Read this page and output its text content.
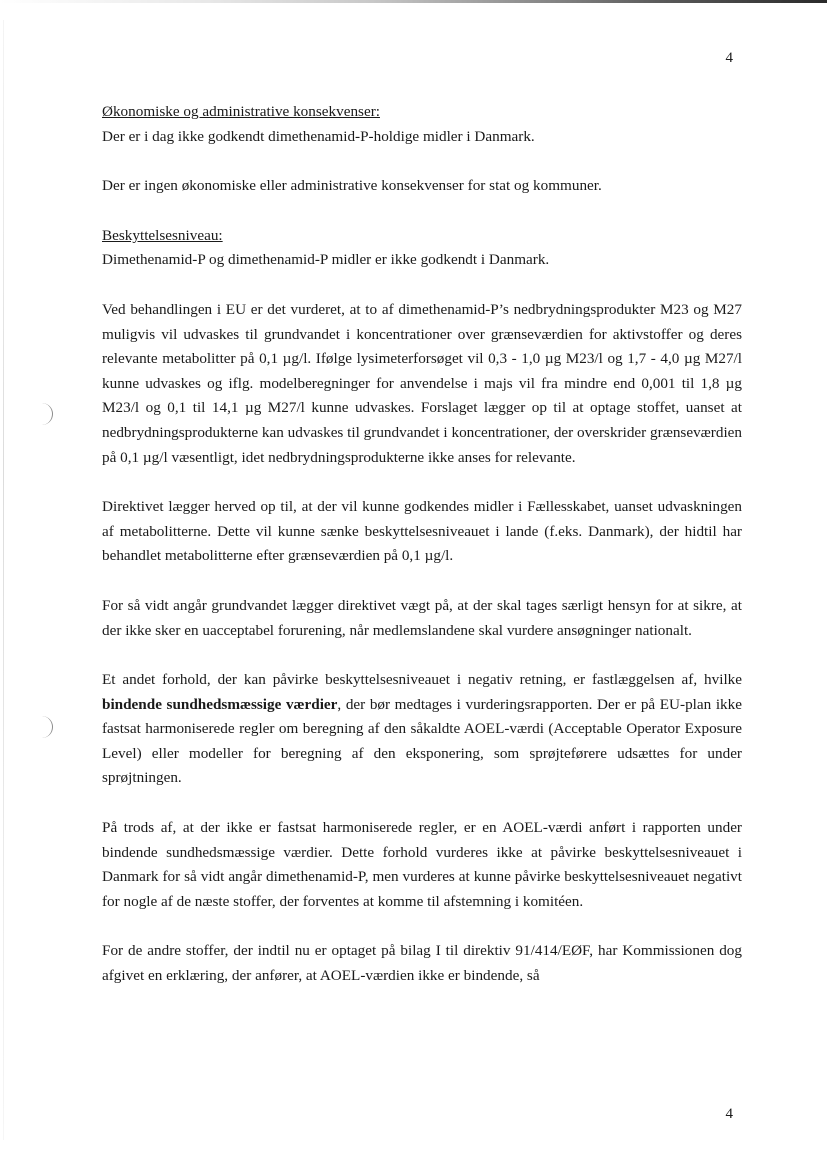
4

Økonomiske og administrative konsekvenser:
Der er i dag ikke godkendt dimethenamid-P-holdige midler i Danmark.

Der er ingen økonomiske eller administrative konsekvenser for stat og kommuner.

Beskyttelsesniveau:
Dimethenamid-P og dimethenamid-P midler er ikke godkendt i Danmark.

Ved behandlingen i EU er det vurderet, at to af dimethenamid-P’s nedbrydningsprodukter M23 og M27 muligvis vil udvaskes til grundvandet i koncentrationer over grænseværdien for aktivstoffer og deres relevante metabolitter på 0,1 µg/l. Ifølge lysimeterforsøget vil 0,3 - 1,0 µg M23/l og 1,7 - 4,0 µg M27/l kunne udvaskes og iflg. modelberegninger for anvendelse i majs vil fra mindre end 0,001 til 1,8 µg M23/l og 0,1 til 14,1 µg M27/l kunne udvaskes. Forslaget lægger op til at optage stoffet, uanset at nedbrydningsprodukterne kan udvaskes til grundvandet i koncentrationer, der overskrider grænseværdien på 0,1 µg/l væsentligt, idet nedbrydningsprodukterne ikke anses for relevante.

Direktivet lægger herved op til, at der vil kunne godkendes midler i Fællesskabet, uanset udvaskningen af metabolitterne. Dette vil kunne sænke beskyttelsesniveauet i lande (f.eks. Danmark), der hidtil har behandlet metabolitterne efter grænseværdien på 0,1 µg/l.

For så vidt angår grundvandet lægger direktivet vægt på, at der skal tages særligt hensyn for at sikre, at der ikke sker en uacceptabel forurening, når medlemslandene skal vurdere ansøgninger nationalt.

Et andet forhold, der kan påvirke beskyttelsesniveauet i negativ retning, er fastlæggelsen af, hvilke bindende sundhedsmæssige værdier, der bør medtages i vurderingsrapporten. Der er på EU-plan ikke fastsat harmoniserede regler om beregning af den såkaldte AOEL-værdi (Acceptable Operator Exposure Level) eller modeller for beregning af den eksponering, som sprøjteførere udsættes for under sprøjtningen.

På trods af, at der ikke er fastsat harmoniserede regler, er en AOEL-værdi anført i rapporten under bindende sundhedsmæssige værdier. Dette forhold vurderes ikke at påvirke beskyttelsesniveauet i Danmark for så vidt angår dimethenamid-P, men vurderes at kunne påvirke beskyttelsesniveauet negativt for nogle af de næste stoffer, der forventes at komme til afstemning i komitéen.

For de andre stoffer, der indtil nu er optaget på bilag I til direktiv 91/414/EØF, har Kommissionen dog afgivet en erklæring, der anfører, at AOEL-værdien ikke er bindende, så

4
